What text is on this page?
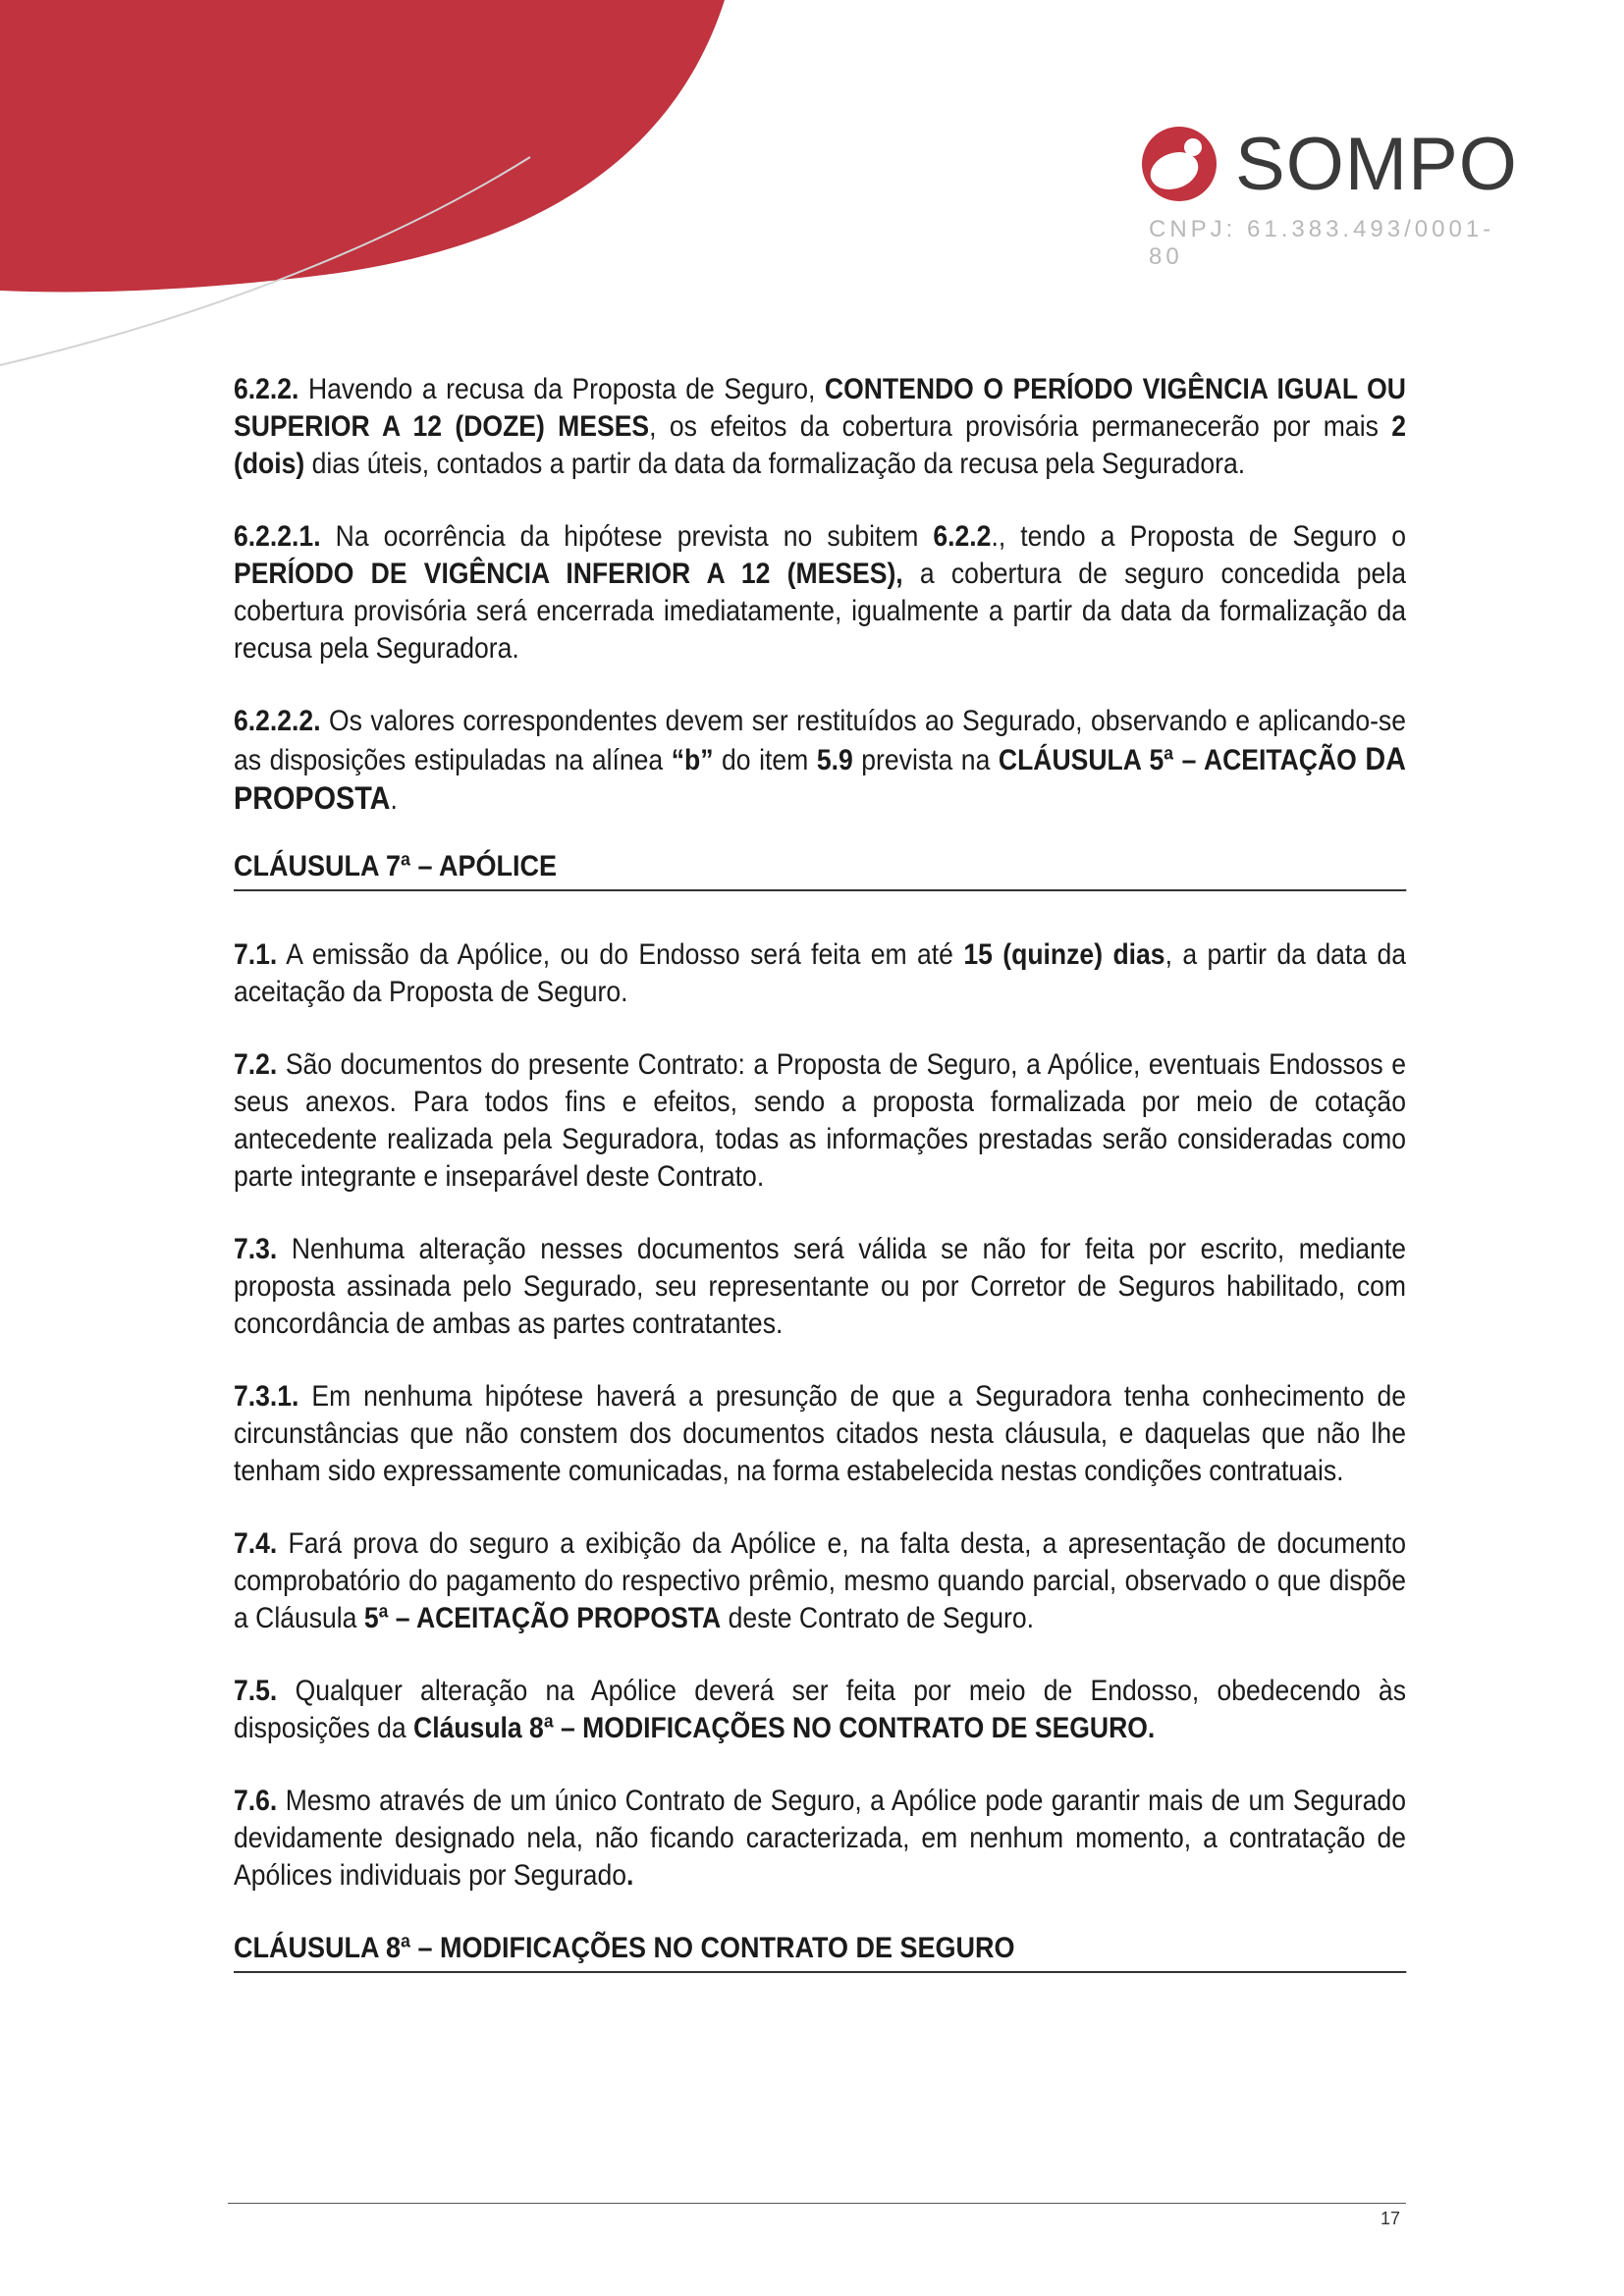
SOMPO
CNPJ: 61.383.493/0001-80

6.2.2. Havendo a recusa da Proposta de Seguro, CONTENDO O PERÍODO VIGÊNCIA IGUAL OU SUPERIOR A 12 (DOZE) MESES, os efeitos da cobertura provisória permanecerão por mais 2 (dois) dias úteis, contados a partir da data da formalização da recusa pela Seguradora.

6.2.2.1. Na ocorrência da hipótese prevista no subitem 6.2.2., tendo a Proposta de Seguro o PERÍODO DE VIGÊNCIA INFERIOR A 12 (MESES), a cobertura de seguro concedida pela cobertura provisória será encerrada imediatamente, igualmente a partir da data da formalização da recusa pela Seguradora.

6.2.2.2. Os valores correspondentes devem ser restituídos ao Segurado, observando e aplicando-se as disposições estipuladas na alínea “b” do item 5.9 prevista na CLÁUSULA 5ª – ACEITAÇÃO DA PROPOSTA.

CLÁUSULA 7ª – APÓLICE

7.1. A emissão da Apólice, ou do Endosso será feita em até 15 (quinze) dias, a partir da data da aceitação da Proposta de Seguro.

7.2. São documentos do presente Contrato: a Proposta de Seguro, a Apólice, eventuais Endossos e seus anexos. Para todos fins e efeitos, sendo a proposta formalizada por meio de cotação antecedente realizada pela Seguradora, todas as informações prestadas serão consideradas como parte integrante e inseparável deste Contrato.

7.3. Nenhuma alteração nesses documentos será válida se não for feita por escrito, mediante proposta assinada pelo Segurado, seu representante ou por Corretor de Seguros habilitado, com concordância de ambas as partes contratantes.

7.3.1. Em nenhuma hipótese haverá a presunção de que a Seguradora tenha conhecimento de circunstâncias que não constem dos documentos citados nesta cláusula, e daquelas que não lhe tenham sido expressamente comunicadas, na forma estabelecida nestas condições contratuais.

7.4. Fará prova do seguro a exibição da Apólice e, na falta desta, a apresentação de documento comprobatório do pagamento do respectivo prêmio, mesmo quando parcial, observado o que dispõe a Cláusula 5ª – ACEITAÇÃO PROPOSTA deste Contrato de Seguro.

7.5. Qualquer alteração na Apólice deverá ser feita por meio de Endosso, obedecendo às disposições da Cláusula 8ª – MODIFICAÇÕES NO CONTRATO DE SEGURO.

7.6. Mesmo através de um único Contrato de Seguro, a Apólice pode garantir mais de um Segurado devidamente designado nela, não ficando caracterizada, em nenhum momento, a contratação de Apólices individuais por Segurado.

CLÁUSULA 8ª – MODIFICAÇÕES NO CONTRATO DE SEGURO
17
